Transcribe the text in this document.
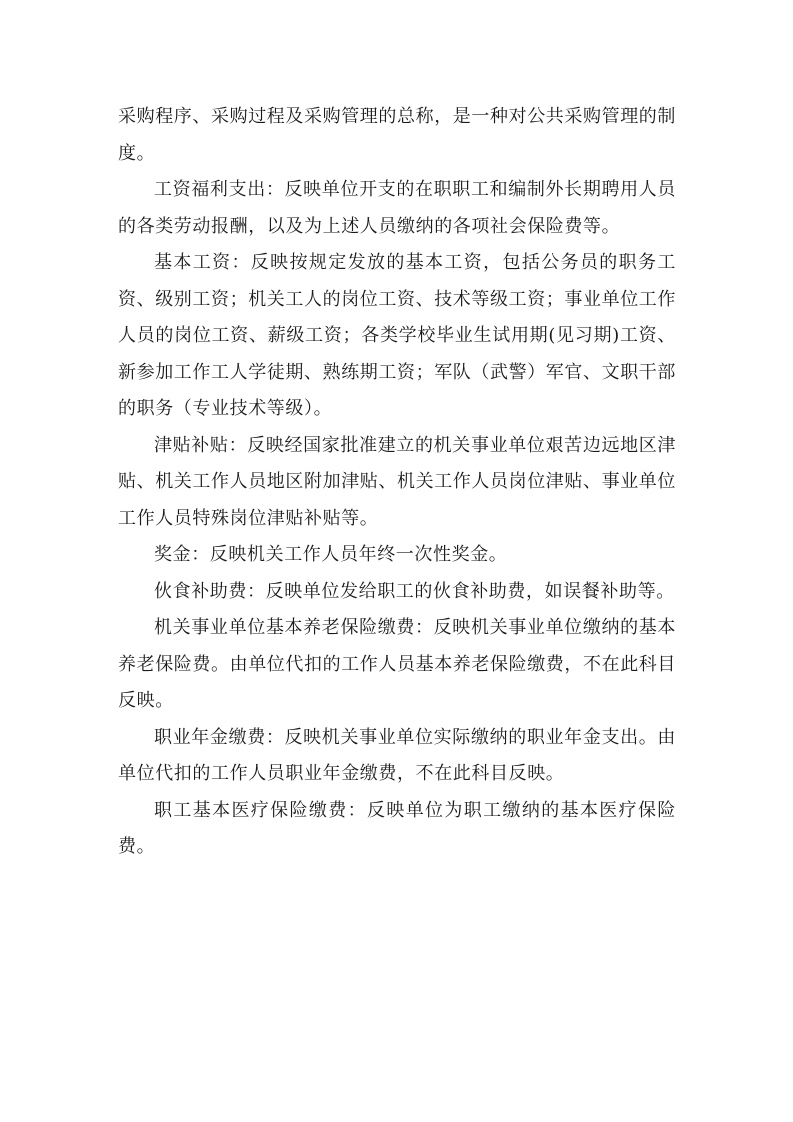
采购程序、采购过程及采购管理的总称，是一种对公共采购管理的制度。

工资福利支出：反映单位开支的在职职工和编制外长期聘用人员的各类劳动报酬，以及为上述人员缴纳的各项社会保险费等。

基本工资：反映按规定发放的基本工资，包括公务员的职务工资、级别工资；机关工人的岗位工资、技术等级工资；事业单位工作人员的岗位工资、薪级工资；各类学校毕业生试用期(见习期)工资、新参加工作工人学徒期、熟练期工资；军队（武警）军官、文职干部的职务（专业技术等级）。

津贴补贴：反映经国家批准建立的机关事业单位艰苦边远地区津贴、机关工作人员地区附加津贴、机关工作人员岗位津贴、事业单位工作人员特殊岗位津贴补贴等。

奖金：反映机关工作人员年终一次性奖金。

伙食补助费：反映单位发给职工的伙食补助费，如误餐补助等。

机关事业单位基本养老保险缴费：反映机关事业单位缴纳的基本养老保险费。由单位代扣的工作人员基本养老保险缴费，不在此科目反映。

职业年金缴费：反映机关事业单位实际缴纳的职业年金支出。由单位代扣的工作人员职业年金缴费，不在此科目反映。

职工基本医疗保险缴费：反映单位为职工缴纳的基本医疗保险费。
